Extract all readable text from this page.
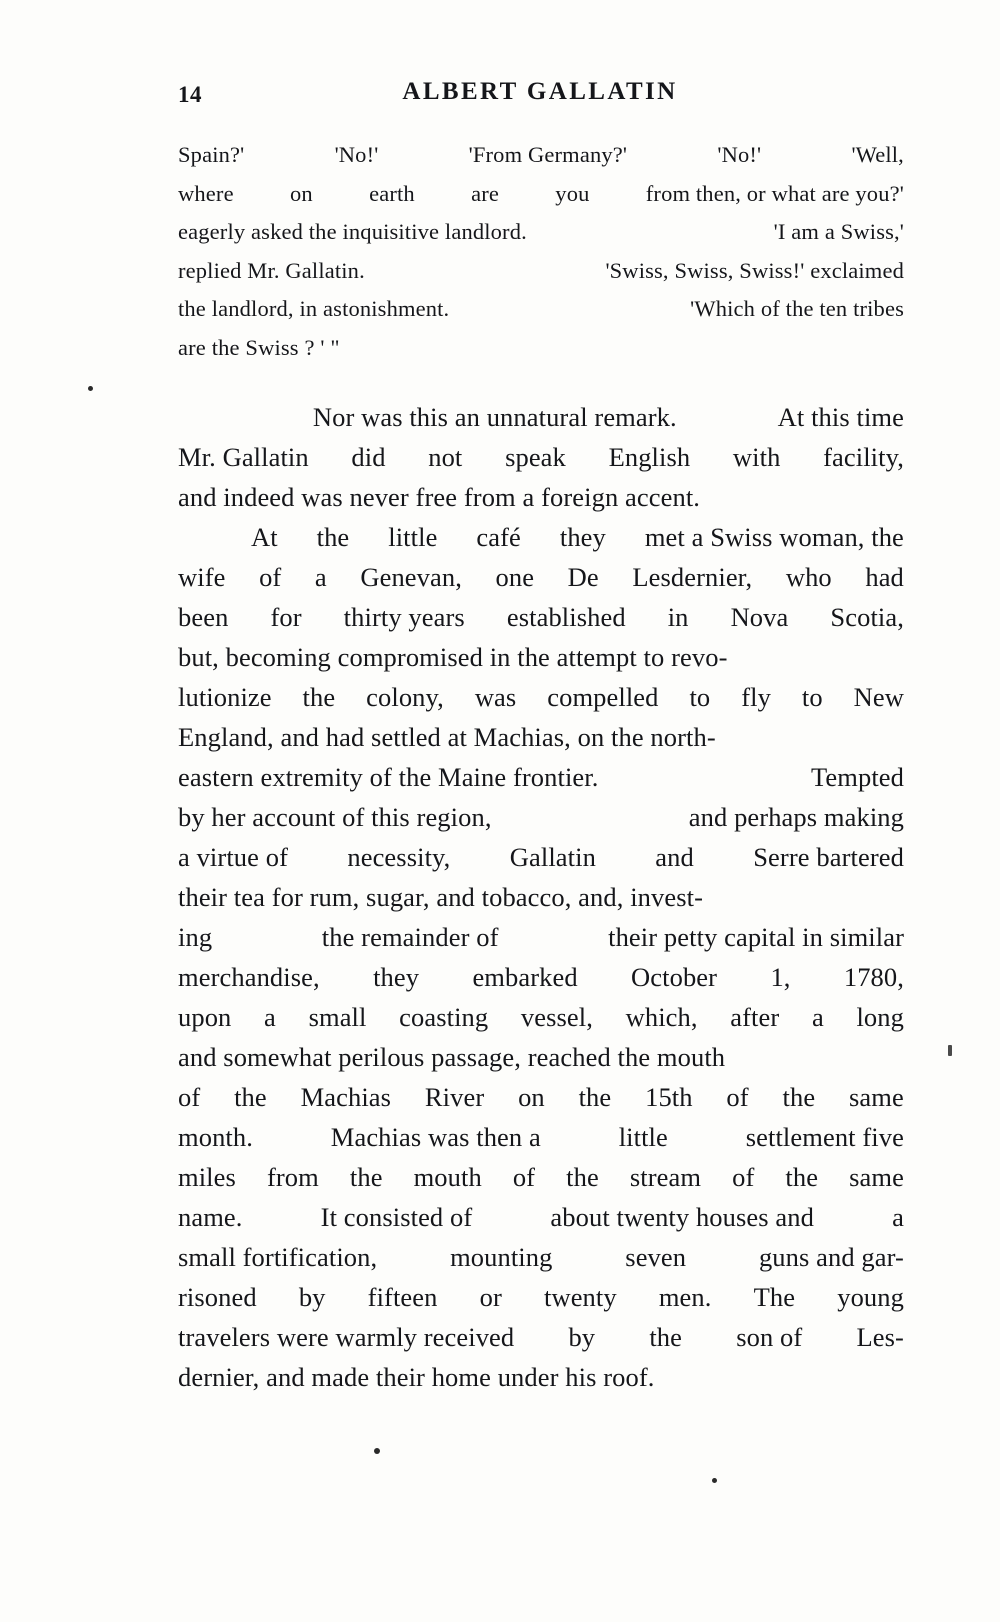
14	ALBERT GALLATIN
Spain?'	'No!'	'From Germany?'	'No!'	'Well,
where	on	earth	are	you	from then, or what are you?'
eagerly asked the inquisitive landlord.	'I am a Swiss,'
replied Mr. Gallatin.	'Swiss, Swiss, Swiss!' exclaimed
the landlord, in astonishment.	'Which of the ten tribes
are the Swiss ? ' "

Nor was this an unnatural remark.	At this time
Mr. Gallatin did not speak English with facility,
and indeed was never free from a foreign accent.

At the little café they met a Swiss woman, the
wife of a Genevan, one De Lesdernier, who had
been for thirty years established in Nova Scotia,
but, becoming compromised in the attempt to revo-
lutionize the colony, was compelled to fly to New
England, and had settled at Machias, on the north-
eastern extremity of the Maine frontier.	Tempted
by her account of this region,	and perhaps making
a virtue of necessity, Gallatin and Serre bartered
their tea for rum, sugar, and tobacco, and, invest-
ing	the remainder of	their petty capital in similar
merchandise, they embarked October 1, 1780,
upon a small coasting vessel, which, after a long
and somewhat perilous passage, reached the mouth
of the Machias River on the 15th of the same
month.	Machias was then a	little	settlement five
miles from the mouth of the stream of the same
name.	It consisted of	about twenty houses and	a
small fortification,	mounting	seven	guns and gar-
risoned by fifteen or twenty men. The young
travelers were warmly received by the son of Les-
dernier, and made their home under his roof.
